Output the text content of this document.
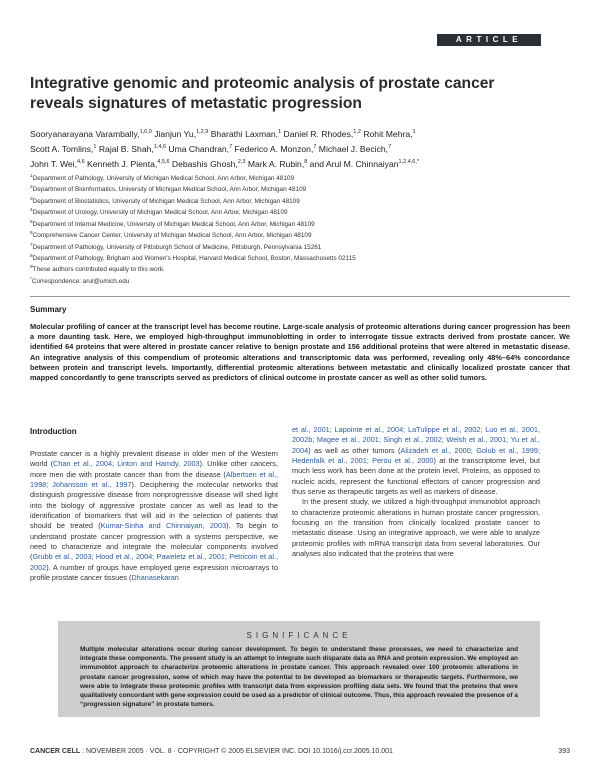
ARTICLE
Integrative genomic and proteomic analysis of prostate cancer reveals signatures of metastatic progression
Sooryanarayana Varambally,$^{1,6,9}$ Jianjun Yu,$^{1,2,9}$ Bharathi Laxman,$^1$ Daniel R. Rhodes,$^{1,2}$ Rohit Mehra,$^1$
Scott A. Tomlins,$^1$ Rajal B. Shah,$^{1,4,6}$ Uma Chandran,$^7$ Federico A. Monzon,$^7$ Michael J. Becich,$^7$
John T. Wei,$^{4,6}$ Kenneth J. Pienta,$^{4,5,6}$ Debashis Ghosh,$^{2,3}$ Mark A. Rubin,$^8$ and Arul M. Chinnaiyan$^{1,2,4,6,*}$
$^1$Department of Pathology, University of Michigan Medical School, Ann Arbor, Michigan 48109
$^2$Department of Bioinformatics, University of Michigan Medical School, Ann Arbor, Michigan 48109
$^3$Department of Biostatistics, University of Michigan Medical School, Ann Arbor, Michigan 48109
$^4$Department of Urology, University of Michigan Medical School, Ann Arbor, Michigan 48109
$^5$Department of Internal Medicine, University of Michigan Medical School, Ann Arbor, Michigan 48109
$^6$Comprehensive Cancer Center, University of Michigan Medical School, Ann Arbor, Michigan 48109
$^7$Department of Pathology, University of Pittsburgh School of Medicine, Pittsburgh, Pennsylvania 15261
$^8$Department of Pathology, Brigham and Women's Hospital, Harvard Medical School, Boston, Massachusetts 02115
$^9$These authors contributed equally to this work.
*Correspondence: arul@umich.edu
Summary
Molecular profiling of cancer at the transcript level has become routine. Large-scale analysis of proteomic alterations during cancer progression has been a more daunting task. Here, we employed high-throughput immunoblotting in order to interrogate tissue extracts derived from prostate cancer. We identified 64 proteins that were altered in prostate cancer relative to benign prostate and 156 additional proteins that were altered in metastatic disease. An integrative analysis of this compendium of proteomic alterations and transcriptomic data was performed, revealing only 48%–64% concordance between protein and transcript levels. Importantly, differential proteomic alterations between metastatic and clinically localized prostate cancer that mapped concordantly to gene transcripts served as predictors of clinical outcome in prostate cancer as well as other solid tumors.
Introduction

Prostate cancer is a highly prevalent disease in older men of the Western world (Chan et al., 2004; Linton and Hamdy, 2003). Unlike other cancers, more men die with prostate cancer than from the disease (Albertsen et al., 1998; Johansson et al., 1997). Deciphering the molecular networks that distinguish progressive disease from nonprogressive disease will shed light into the biology of aggressive prostate cancer as well as lead to the identification of biomarkers that will aid in the selection of patients that should be treated (Kumar-Sinha and Chinnaiyan, 2003). To begin to understand prostate cancer progression with a systems perspective, we need to characterize and integrate the molecular components involved (Grubb et al., 2003; Hood et al., 2004; Paweletz et al., 2001; Petricoin et al., 2002). A number of groups have employed gene expression microarrays to profile prostate cancer tissues (Dhanasekaran

et al., 2001; Lapointe et al., 2004; LaTulippe et al., 2002; Luo et al., 2001, 2002b; Magee et al., 2001; Singh et al., 2002; Welsh et al., 2001; Yu et al., 2004) as well as other tumors (Alizadeh et al., 2000; Golub et al., 1999; Hedenfalk et al., 2001; Perou et al., 2000) at the transcriptome level, but much less work has been done at the protein level. Proteins, as opposed to nucleic acids, represent the functional effectors of cancer progression and thus serve as therapeutic targets as well as markers of disease.

In the present study, we utilized a high-throughput immunoblot approach to characterize proteomic alterations in human prostate cancer progression, focusing on the transition from clinically localized prostate cancer to metastatic disease. Using an integrative approach, we were able to analyze proteomic profiles with mRNA transcript data from several laboratories. Our analyses also indicated that the proteins that were

SIGNIFICANCE
Multiple molecular alterations occur during cancer development. To begin to understand these processes, we need to characterize and integrate these components. The present study is an attempt to integrate such disparate data as RNA and protein expression. We employed an immunoblot approach to characterize proteomic alterations in prostate cancer. This approach revealed over 100 proteomic alterations in prostate cancer progression, some of which may have the potential to be developed as biomarkers or therapeutic targets. Furthermore, we were able to integrate these proteomic profiles with transcript data from expression profiling data sets. We found that the proteins that were qualitatively concordant with gene expression could be used as a predictor of clinical outcome. Thus, this approach revealed the presence of a “progression signature” in prostate tumors.
CANCER CELL : NOVEMBER 2005 · VOL. 8 · COPYRIGHT © 2005 ELSEVIER INC. DOI 10.1016/j.ccr.2005.10.001	393
